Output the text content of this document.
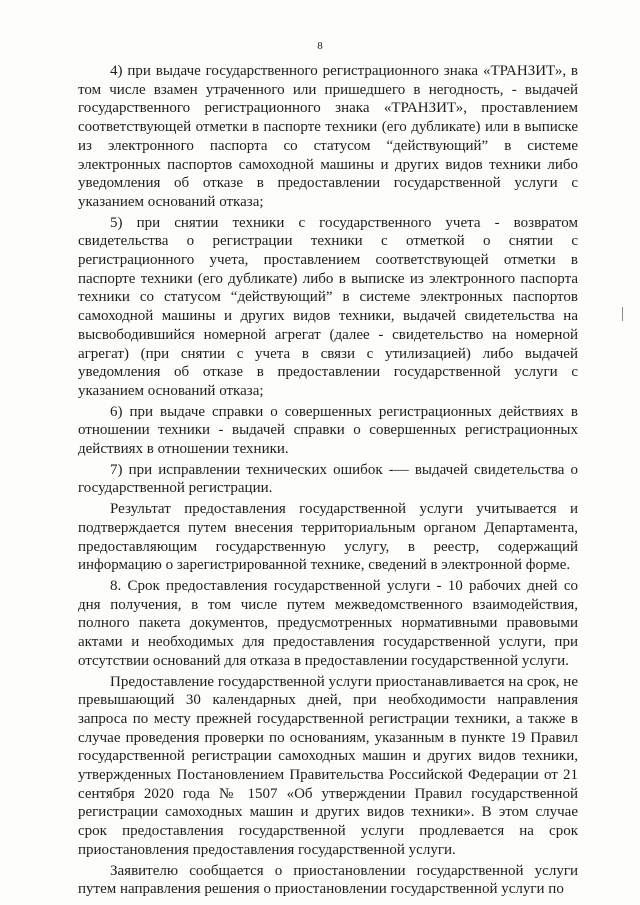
8

4) при выдаче государственного регистрационного знака «ТРАНЗИТ», в том числе взамен утраченного или пришедшего в негодность, - выдачей государственного регистрационного знака «ТРАНЗИТ», проставлением соответствующей отметки в паспорте техники (его дубликате) или в выписке из электронного паспорта со статусом “действующий” в системе электронных паспортов самоходной машины и других видов техники либо уведомления об отказе в предоставлении государственной услуги с указанием оснований отказа;

5) при снятии техники с государственного учета - возвратом свидетельства о регистрации техники с отметкой о снятии с регистрационного учета, проставлением соответствующей отметки в паспорте техники (его дубликате) либо в выписке из электронного паспорта техники со статусом “действующий” в системе электронных паспортов самоходной машины и других видов техники, выдачей свидетельства на высвободившийся номерной агрегат (далее - свидетельство на номерной агрегат) (при снятии с учета в связи с утилизацией) либо выдачей уведомления об отказе в предоставлении государственной услуги с указанием оснований отказа;

6) при выдаче справки о совершенных регистрационных действиях в отношении техники - выдачей справки о совершенных регистрационных действиях в отношении техники.

7) при исправлении технических ошибок -— выдачей свидетельства о государственной регистрации.

Результат предоставления государственной услуги учитывается и подтверждается путем внесения территориальным органом Департамента, предоставляющим государственную услугу, в реестр, содержащий информацию о зарегистрированной технике, сведений в электронной форме.

8. Срок предоставления государственной услуги - 10 рабочих дней со дня получения, в том числе путем межведомственного взаимодействия, полного пакета документов, предусмотренных нормативными правовыми актами и необходимых для предоставления государственной услуги, при отсутствии оснований для отказа в предоставлении государственной услуги.

Предоставление государственной услуги приостанавливается на срок, не превышающий 30 календарных дней, при необходимости направления запроса по месту прежней государственной регистрации техники, а также в случае проведения проверки по основаниям, указанным в пункте 19 Правил государственной регистрации самоходных машин и других видов техники, утвержденных Постановлением Правительства Российской Федерации от 21 сентября 2020 года № 1507 «Об утверждении Правил государственной регистрации самоходных машин и других видов техники». В этом случае срок предоставления государственной услуги продлевается на срок приостановления предоставления государственной услуги.

Заявителю сообщается о приостановлении государственной услуги путем направления решения о приостановлении государственной услуги по
